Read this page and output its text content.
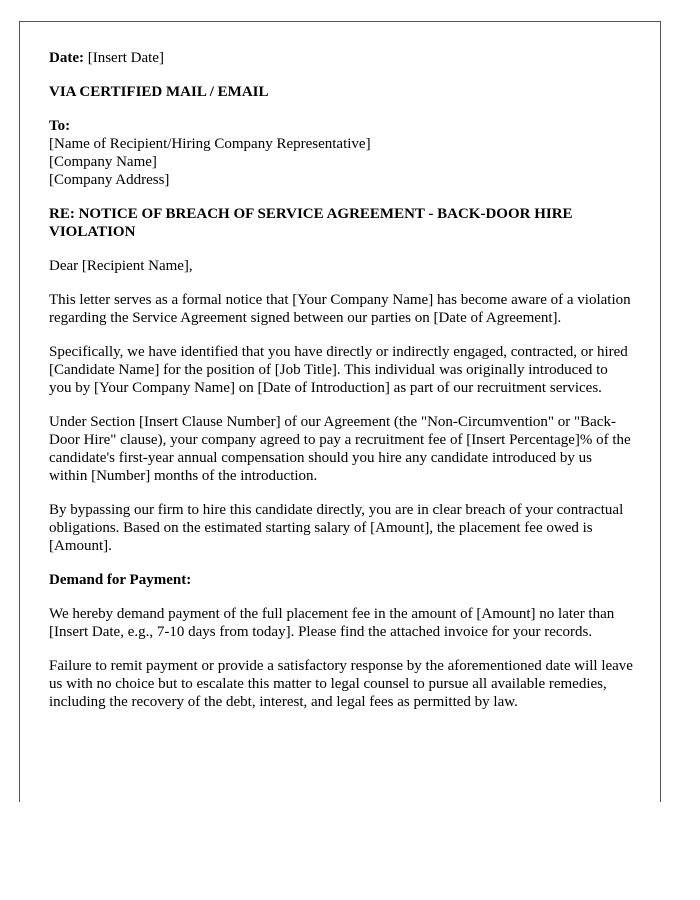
Date: [Insert Date]
VIA CERTIFIED MAIL / EMAIL
To:
[Name of Recipient/Hiring Company Representative]
[Company Name]
[Company Address]
RE: NOTICE OF BREACH OF SERVICE AGREEMENT - BACK-DOOR HIRE VIOLATION

Dear [Recipient Name],

This letter serves as a formal notice that [Your Company Name] has become aware of a violation regarding the Service Agreement signed between our parties on [Date of Agreement].

Specifically, we have identified that you have directly or indirectly engaged, contracted, or hired [Candidate Name] for the position of [Job Title]. This individual was originally introduced to you by [Your Company Name] on [Date of Introduction] as part of our recruitment services.

Under Section [Insert Clause Number] of our Agreement (the "Non-Circumvention" or "Back-Door Hire" clause), your company agreed to pay a recruitment fee of [Insert Percentage]% of the candidate's first-year annual compensation should you hire any candidate introduced by us within [Number] months of the introduction.

By bypassing our firm to hire this candidate directly, you are in clear breach of your contractual obligations. Based on the estimated starting salary of [Amount], the placement fee owed is [Amount].

Demand for Payment:

We hereby demand payment of the full placement fee in the amount of [Amount] no later than [Insert Date, e.g., 7-10 days from today]. Please find the attached invoice for your records.

Failure to remit payment or provide a satisfactory response by the aforementioned date will leave us with no choice but to escalate this matter to legal counsel to pursue all available remedies, including the recovery of the debt, interest, and legal fees as permitted by law.
